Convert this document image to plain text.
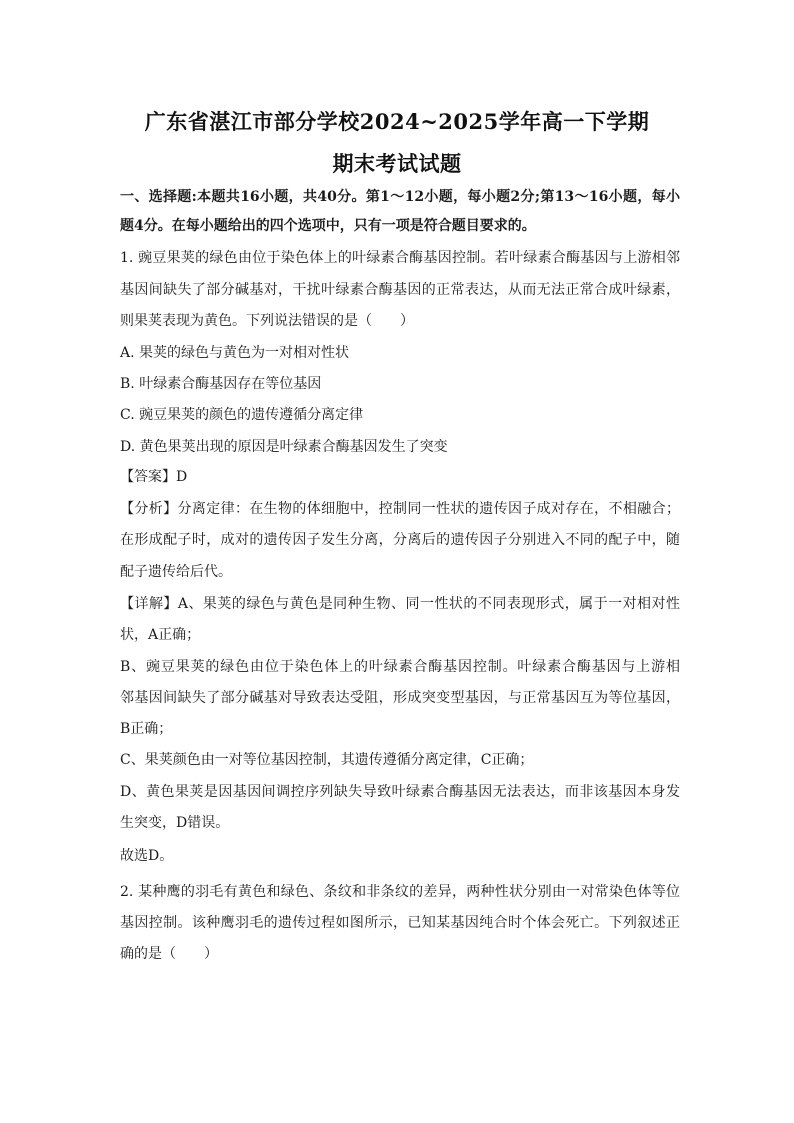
广东省湛江市部分学校2024~2025学年高一下学期
期末考试试题
一、选择题:本题共16小题，共40分。第1～12小题，每小题2分;第13～16小题，每小
题4分。在每小题给出的四个选项中，只有一项是符合题目要求的。
1. 豌豆果荚的绿色由位于染色体上的叶绿素合酶基因控制。若叶绿素合酶基因与上游相邻
基因间缺失了部分碱基对，干扰叶绿素合酶基因的正常表达，从而无法正常合成叶绿素，
则果荚表现为黄色。下列说法错误的是（　　）
A. 果荚的绿色与黄色为一对相对性状
B. 叶绿素合酶基因存在等位基因
C. 豌豆果荚的颜色的遗传遵循分离定律
D. 黄色果荚出现的原因是叶绿素合酶基因发生了突变
【答案】D
【分析】分离定律：在生物的体细胞中，控制同一性状的遗传因子成对存在，不相融合；
在形成配子时，成对的遗传因子发生分离，分离后的遗传因子分别进入不同的配子中，随
配子遗传给后代。
【详解】A、果荚的绿色与黄色是同种生物、同一性状的不同表现形式，属于一对相对性
状，A正确；
B、豌豆果荚的绿色由位于染色体上的叶绿素合酶基因控制。叶绿素合酶基因与上游相
邻基因间缺失了部分碱基对导致表达受阻，形成突变型基因，与正常基因互为等位基因，
B正确；
C、果荚颜色由一对等位基因控制，其遗传遵循分离定律，C正确；
D、黄色果荚是因基因间调控序列缺失导致叶绿素合酶基因无法表达，而非该基因本身发
生突变，D错误。
故选D。
2. 某种鹰的羽毛有黄色和绿色、条纹和非条纹的差异，两种性状分别由一对常染色体等位
基因控制。该种鹰羽毛的遗传过程如图所示，已知某基因纯合时个体会死亡。下列叙述正
确的是（　　）
